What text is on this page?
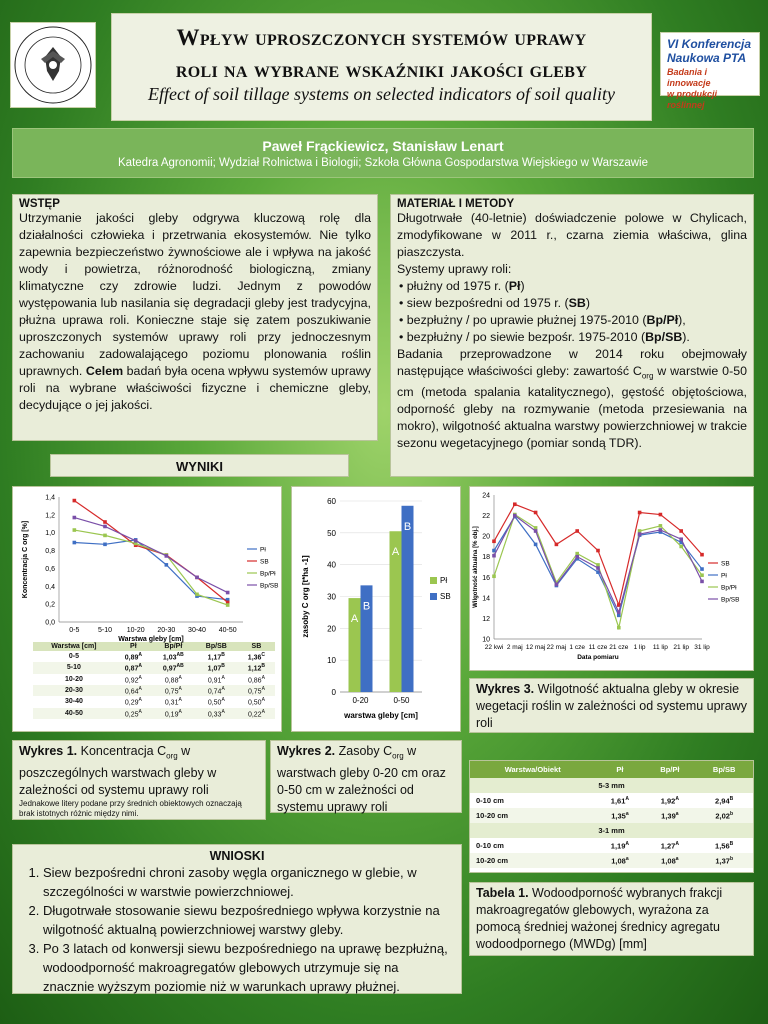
Wpływ uproszczonych systemów uprawy
roli na wybrane wskaźniki jakości gleby
Effect of soil tillage systems on selected indicators of soil quality
VI Konferencja
Naukowa PTA
Badania i innowacje
w produkcji roślinnej
Paweł Frąckiewicz, Stanisław Lenart
Katedra Agronomii; Wydział Rolnictwa i Biologii; Szkoła Główna Gospodarstwa Wiejskiego w Warszawie
WSTĘP
Utrzymanie jakości gleby odgrywa kluczową rolę dla działalności człowieka i przetrwania ekosystemów. Nie tylko zapewnia bezpieczeństwo żywnościowe ale i wpływa na jakość wody i powietrza, różnorodność biologiczną, zmiany klimatyczne czy zdrowie ludzi. Jednym z powodów występowania lub nasilania się degradacji gleby jest tradycyjna, płużna uprawa roli. Konieczne staje się zatem poszukiwanie uproszczonych systemów uprawy roli przy jednoczesnym zachowaniu zadowalającego poziomu plonowania roślin uprawnych. Celem badań była ocena wpływu systemów uprawy roli na wybrane właściwości fizyczne i chemiczne gleby, decydujące o jej jakości.
MATERIAŁ I METODY
Długotrwałe (40-letnie) doświadczenie polowe w Chylicach, zmodyfikowane w 2011 r., czarna ziemia właściwa, glina piaszczysta.
Systemy uprawy roli:
• płużny od 1975 r. (Pł)
• siew bezpośredni od 1975 r. (SB)
• bezpłużny / po uprawie płużnej 1975-2010 (Bp/Pł),
• bezpłużny / po siewie bezpośr. 1975-2010 (Bp/SB).
Badania przeprowadzone w 2014 roku obejmowały następujące właściwości gleby: zawartość $C_{org}$ w warstwie 0-50 cm (metoda spalania katalitycznego), gęstość objętościowa, odporność gleby na rozmywanie (metoda przesiewania na mokro), wilgotność aktualna warstwy powierzchniowej w trakcie sezonu wegetacyjnego (pomiar sondą TDR).
WYNIKI
0,0
0,2
0,4
0,6
0,8
1,0
1,2
1,4
0-5	5-10 10-20 20-30 30-40 40-50
Warstwa gleby [cm]
Koncentracja C org [%]	Pł
SB
Bp/Pł
Bp/SB
Warstwa [cm]	Pł	Bp/Pł	Bp/SB	SB
0-5	$0,89^A$	$1,03^{AB}$	$1,17^B$	$1,36^C$
5-10	$0,87^A$	$0,97^{AB}$	$1,07^B$	$1,12^B$
10-20	$0,92^A$	$0,88^A$	$0,91^A$	$0,86^A$
20-30	$0,64^A$	$0,75^A$	$0,74^A$	$0,75^A$
30-40	$0,29^A$	$0,31^A$	$0,50^A$	$0,50^A$
40-50	$0,25^A$	$0,19^A$	$0,33^A$	$0,22^A$
0
10
20
30
40
50
60
A
B
0-20
A
B
0-50
warstwa gleby [cm]
zasoby C org [t*ha -1]	Pł
SB
10
12
14
16
18
20
22
24
22 kwi 2 maj 12 maj 22 maj 1 cze 11 cze 21 cze 1 lip 11 lip 21 lip 31 lip
Data pomiaru
Wilgotność aktualna [% obj.]	SB
Pł
Bp/Pł
Bp/SB
Wykres 3. Wilgotność aktualna gleby w okresie wegetacji roślin w zależności od systemu uprawy roli
Wykres 1. Koncentracja $C_{org}$ w poszczególnych warstwach gleby w zależności od systemu uprawy roli
Jednakowe litery podane przy średnich obiektowych oznaczają brak istotnych różnic między nimi.
Wykres 2. Zasoby $C_{org}$ w warstwach gleby 0-20 cm oraz 0-50 cm w zależności od systemu uprawy roli
Warstwa/Obiekt	Pł	Bp/Pł	Bp/SB
5-3 mm			
0-10 cm	$1,61^A$	$1,92^A$	$2,94^B$
10-20 cm	1,35$^a$	1,39$^a$	2,02$^b$
3-1 mm			
0-10 cm	$1,19^A$	$1,27^A$	$1,56^B$
10-20 cm	1,08$^a$	1,08$^a$	1,37$^b$
Tabela 1. Wodoodporność wybranych frakcji makroagregatów glebowych, wyrażona za pomocą średniej ważonej średnicy agregatu wodoodpornego (MWDg) [mm]
WNIOSKI
1. Siew bezpośredni chroni zasoby węgla organicznego w glebie, w szczególności w warstwie powierzchniowej.
2. Długotrwałe stosowanie siewu bezpośredniego wpływa korzystnie na wilgotność aktualną powierzchniowej warstwy gleby.
3. Po 3 latach od konwersji siewu bezpośredniego na uprawę bezpłużną, wodoodporność makroagregatów glebowych utrzymuje się na znacznie wyższym poziomie niż w warunkach uprawy płużnej.
